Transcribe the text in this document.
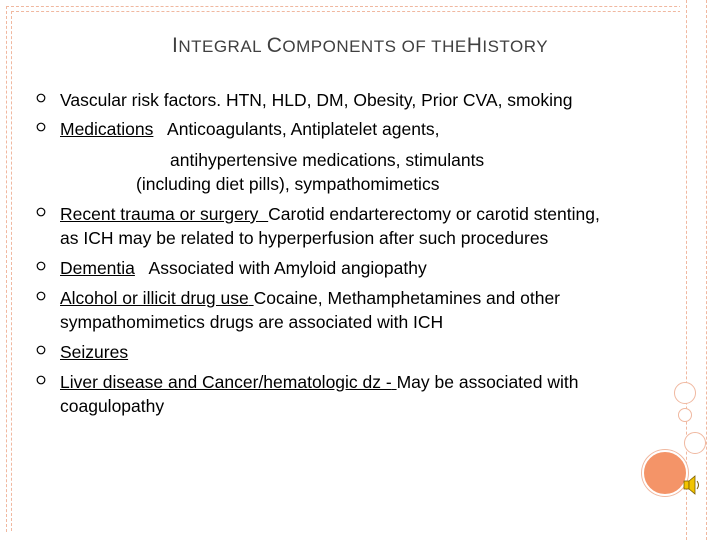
INTEGRAL COMPONENTS OF THEHISTORY
Vascular risk factors. HTN, HLD, DM, Obesity, Prior CVA, smoking
Medications Anticoagulants, Antiplatelet agents,
antihypertensive medications, stimulants
(including diet pills), sympathomimetics
Recent trauma or surgery Carotid endarterectomy or carotid stenting,
as ICH may be related to hyperperfusion after such procedures
Dementia Associated with Amyloid angiopathy
Alcohol or illicit drug use Cocaine, Methamphetamines and other
sympathomimetics drugs are associated with ICH
Seizures
Liver disease and Cancer/hematologic dz - May be associated with
coagulopathy
